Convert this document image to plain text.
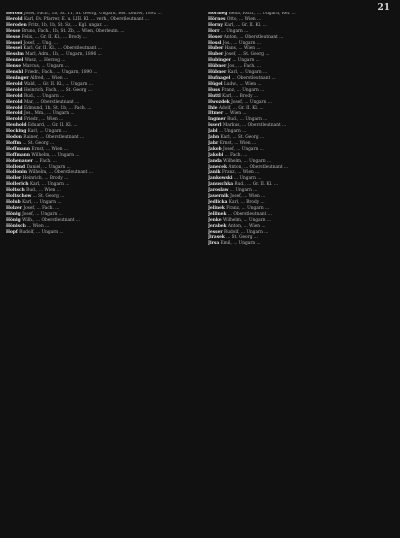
21

Herold Josef, Fach., 1b, St. 11, St. Georg, Ungarn, Ref. Lehrer, 1892 ...

Herold Karl, Ev. Pfarrer, E. u. LIII. Kl. ... verh., Oberstleutnant ...

Heroden Fritz, 1b, 1b, St. Sz, ... Kgl. ungar. ...

Hesse Bruno, Fach., 1b, St. Zb, ... Wien, Oberleutn. ...

Hesse Felix, ... Gr. II. Kl., ... Brody ...

Hessel Josef, ... Ung. ...

Hessel Karl, Gr. II. Kl., ... Oberstleutnant ...

Hesslm Marl, Adm., 1b, ... Ungarn, 1896 ...

Hennel Wasz, ... Herzog ...

Hense Marcus, ... Ungarn ...

Henshl Friedr., Fach., ... Ungarn, 1890 ...

Heninger Alfred, ... Wien ...

Herold Wald, ... Gr. II. Kl., ... Ungarn ...

Herold Heinrich, Fach., ... St. Georg ...

Herold Rud., ... Ungarn ...

Herold Mar, ... Oberstleutnant ...

Herold Edmund, 1b, St. 1b, ... Fach. ...

Herold Jos., Mm., ... Ungarn ...

Herold Friedr., ... Wien ...

Heuhold Eduard, ... Gr. II. Kl. ...

Hocking Karl, ... Ungarn ...

Hodon Rainer, ... Oberstleutnant ...

Hoffm ... St. Georg ...

Hoffmann Ernst, ... Wien ...

Hoffmann Wilhelm, ... Ungarn ...

Hohenauer ... Fach. ...

Hollend Daniel, ... Ungarn ...

Hollonin Wilhelm, ... Oberstleutnant ...

Holler Heinrich, ... Brody ...

Hollerich Karl, ... Ungarn ...

Holtsch Rud., ... Wien ...

Holtschow ... St. Georg ...

Holub Karl, ... Ungarn ...

Holzer Josef, ... Fach. ...

Hönig Josef, ... Ungarn ...

Hönig Wilh., ... Oberstleutnant ...

Hönisch ... Wien ...

Hopf Rudolf, ... Ungarn ...

Horaleg Bena, Fach., ... Ungarn, Ref. ...

Hörnes Otto, ... Wien ...

Horny Karl, ... Gr. II. Kl. ...

Horr ... Ungarn ...

Hoser Anton, ... Oberstleutnant ...

Hossl Jos., ... Ungarn ...

Huber Hans, ... Wien ...

Huber Josef, ... St. Georg ...

Hubinger ... Ungarn ...

Hübner Jos., ... Fach. ...

Hübner Karl, ... Ungarn ...

Hufnagel ... Oberstleutnant ...

Hügel Ludw., ... Wien ...

Huss Franz, ... Ungarn ...

Huttl Karl, ... Brody ...

Hwozdek Josef, ... Ungarn ...

Ihle Adolf, ... Gr. II. Kl. ...

Iltmer ... Wien ...

Ingmer Rud., ... Ungarn ...

Isserl Markus, ... Oberstleutnant ...

Jabl ... Ungarn ...

Jahn Karl, ... St. Georg ...

Jahr Ernst, ... Wien ...

Jakob Josef, ... Ungarn ...

Jakobi ... Fach. ...

Janda Wilhelm, ... Ungarn ...

Janecek Anton, ... Oberstleutnant ...

Janik Franz, ... Wien ...

Jankowski ... Ungarn ...

Januschka Rud., ... Gr. II. Kl. ...

Jaroslaw ... Ungarn ...

Jauernik Josef, ... Wien ...

Jedlicka Karl, ... Brody ...

Jelinek Franz, ... Ungarn ...

Jellinek ... Oberstleutnant ...

Jenke Wilhelm, ... Ungarn ...

Jerabek Anton, ... Wien ...

Jesser Rudolf, ... Ungarn ...

Jirasek ... St. Georg ...

Jirsa Emil, ... Ungarn ...
